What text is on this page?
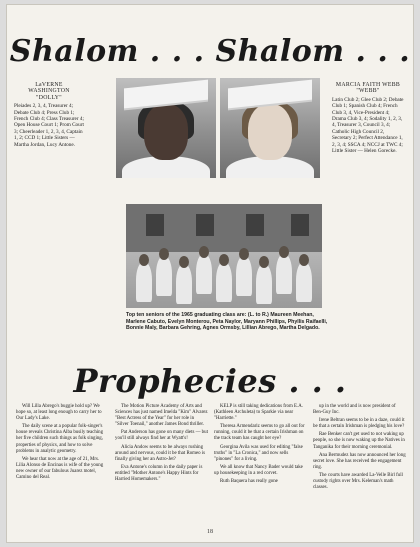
Shalom . . . Shalom . . .
LaVERNE
WASHINGTON
"DOLLY"
Pleiades 2, 3, 4, Treasurer 4; Debate Club 4; Press Club 1; French Club 4; Class Treasurer 4; Open House Court 1; Prom Court 3; Cheerleader 1, 2, 3, 4, Captain 1, 2; CCD 1; Little Sisters — Martha Jordan, Lucy Antone.
MARCIA FAITH WEBB
"WEBB"
Latin Club 2; Glee Club 2; Debate Club 1; Spanish Club 4; French Club 3, 4, Vice-President 4; Drama Club 3, 4; Sodality 1, 2, 3, 4, Treasurer 3, Council 3, 4; Catholic High Council 2, Secretary 2; Perfect Attendance 1, 2, 3, 4; SSCA 4; NCCJ at TWC 4; Little Sister — Helen Gorecke.
Top ten seniors of the 1965 graduating class are: (L. to R.) Maureen Meehan, Marlene Cabuto, Evelyn Monterou, Peta Naylor, Maryann Phillips, Phyllis Raifaelli, Bonnie Maly, Barbara Gehring, Agnes Ormsby, Lillian Abrego, Martha Delgado.
Prophecies . . .

Will Lilla Abrego's buggie hold up? We hope so, at least long enough to carry her to Our Lady's Lake.

The daily scene at a popular folk-singer's house reveals Christina Alba busily teaching her five children such things as folk singing, properties of physics, and how to solve problems in analytic geometry.

We hear that now at the age of 21, Mrs. Lilia Alonso de Encinas is wife of the young new owner of our fabulous Juarez motel, Camino del Real.

The Motion Picture Academy of Arts and Sciences has just named Imelda "Kim" Alvarez "Best Actress of the Year" for her role in "Silver Toenail," another James Bond thriller.

Pat Anderson has gone on many diets — but you'll still always find her at Wyatt's!

Alicia Andow seems to be always rushing around and nervous, could it be that Romeo is finally giving her an Astro-Jet?

Eva Antone's column in the daily paper is entitled "Mother Antone's Happy Hints for Harried Homemakers."

KELP is still taking dedications from E.A. (Kathleen Archuleta) to Sparkie via near "Harriette."

Theresa Armendariz seems to go all out for running, could it be that a certain Irishman on the track team has caught her eye?

Georgina Avila was used for editing "false truths" in "La Cronica," and now sells "pinones" for a living.

We all know that Nancy Bader would take up housekeeping in a red corvet.

Ruth Baquera has really gone

up in the world and is now president of Ben-Guy Inc.

Irene Beltran seems to be in a daze, could it be that a certain Irishman is pledging his love?

Rae Benker can't get used to not waking up people, so she is now waking up the Natives in Tanganika for their morning ceremonial.

Ana Bermudez has now announced her long secret love. She has received the engagement ring.

The courts have awarded La-Velle Birl full custody rights over Mrs. Keleman's math classes.

18
